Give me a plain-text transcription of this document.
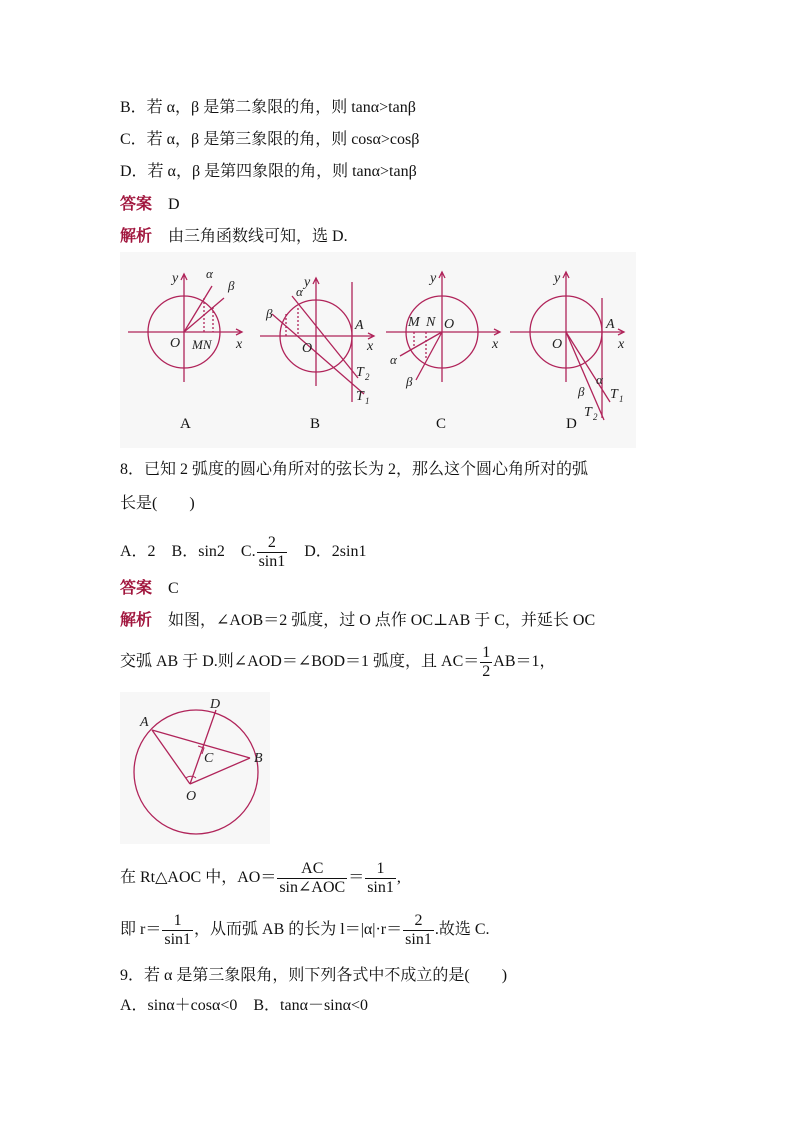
B．若 α，β 是第二象限的角，则 tanα>tanβ
C．若 α，β 是第三象限的角，则 cosα>cosβ
D．若 α，β 是第四象限的角，则 tanα>tanβ
答案 D
解析 由三角函数线可知，选 D.
y α
β
O MN x
y
α
β
A
O	x
T 2
T 1
y
M N O
x
α
β
y
A
O	x
α
β T 1
T 2
A	B	C	D
8．已知 2 弧度的圆心角所对的弦长为 2，那么这个圆心角所对的弧
长是(　　)
A．2　B．sin2　C. $\frac{2}{\sin 1}$ 　D．2sin1
答案 C
解析 如图，∠AOB＝2 弧度，过 O 点作 OC⊥AB 于 C，并延长 OC
交弧 AB 于 D.则∠AOD＝∠BOD＝1 弧度，且 $AC= \frac{1}{2} AB=1$，
A
D
B
C
O
在 Rt△AOC 中，$AO= \frac{AC}{\text{sin∠AOC}} = \frac{1}{\sin 1}$ ,
即 $r= \frac{1}{\sin 1}$ ，从而弧 AB 的长为 $l=|\alpha|\cdot r= \frac{2}{\sin 1}$ .故选 C.
9．若 α 是第三象限角，则下列各式中不成立的是(　　)
A．sinα＋cosα<0　B．tanα－sinα<0
